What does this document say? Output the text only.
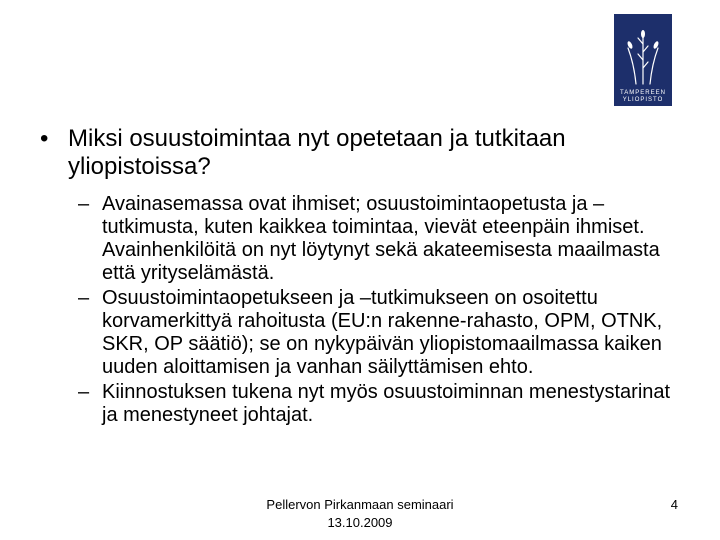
TAMPEREEN
YLIOPISTO
• Miksi osuustoimintaa nyt opetetaan ja tutkitaan yliopistoissa?
– Avainasemassa ovat ihmiset; osuustoimintaopetusta ja –tutkimusta, kuten kaikkea toimintaa, vievät eteenpäin ihmiset. Avainhenkilöitä on nyt löytynyt sekä akateemisesta maailmasta että yrityselämästä.
– Osuustoimintaopetukseen ja –tutkimukseen on osoitettu korvamerkittyä rahoitusta (EU:n rakenne-rahasto, OPM, OTNK, SKR, OP säätiö); se on nykypäivän yliopistomaailmassa kaiken uuden aloittamisen ja vanhan säilyttämisen ehto.
– Kiinnostuksen tukena nyt myös osuustoiminnan menestystarinat ja menestyneet johtajat.
Pellervon Pirkanmaan seminaari
13.10.2009
4
